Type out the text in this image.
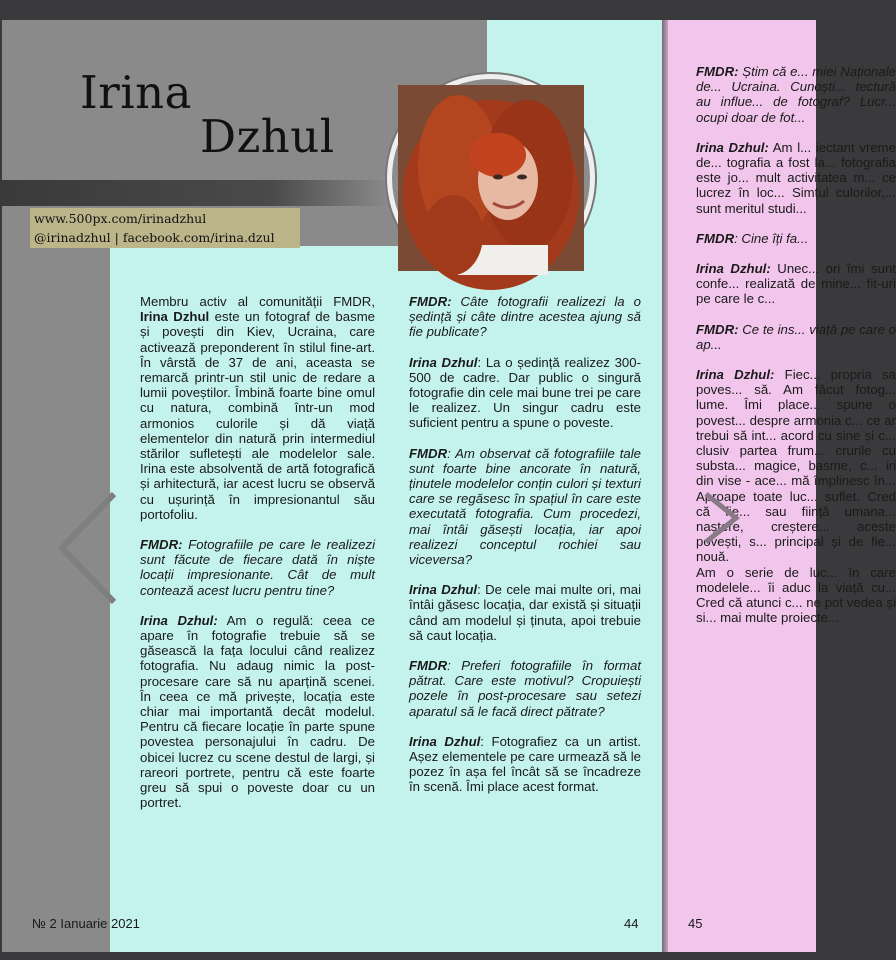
Irina
Dzhul
www.500px.com/irinadzhul
@irinadzhul | facebook.com/irina.dzul

Membru activ al comunității FMDR, Irina Dzhul este un fotograf de basme și povești din Kiev, Ucraina, care activează preponderent în stilul fine-art. În vârstă de 37 de ani, aceasta se remarcă printr-un stil unic de redare a lumii poveștilor. Îmbină foarte bine omul cu natura, combină într-un mod armonios culorile și dă viață elementelor din natură prin intermediul stărilor sufletești ale modelelor sale. Irina este absolventă de artă fotografică și arhitectură, iar acest lucru se observă cu ușurință în impresionantul său portofoliu.

FMDR: Fotografiile pe care le realizezi sunt făcute de fiecare dată în niște locații impresionante. Cât de mult contează acest lucru pentru tine?

Irina Dzhul: Am o regulă: ceea ce apare în fotografie trebuie să se găsească la fața locului când realizez fotografia. Nu adaug nimic la post-procesare care să nu aparțină scenei. În ceea ce mă privește, locația este chiar mai importantă decât modelul. Pentru că fiecare locație în parte spune povestea personajului în cadru. De obicei lucrez cu scene destul de largi, și rareori portrete, pentru că este foarte greu să spui o poveste doar cu un portret.

FMDR: Câte fotografii realizezi la o ședință și câte dintre acestea ajung să fie publicate?

Irina Dzhul: La o ședință realizez 300-500 de cadre. Dar public o singură fotografie din cele mai bune trei pe care le realizez. Un singur cadru este suficient pentru a spune o poveste.

FMDR: Am observat că fotografiile tale sunt foarte bine ancorate în natură, ținutele modelelor conțin culori și texturi care se regăsesc în spațiul în care este executată fotografia. Cum procedezi, mai întâi găsești locația, iar apoi realizezi conceptul rochiei sau viceversa?

Irina Dzhul: De cele mai multe ori, mai întâi găsesc locația, dar există și situații când am modelul și ținuta, apoi trebuie să caut locația.

FMDR: Preferi fotografiile în format pătrat. Care este motivul? Cropuiești pozele în post-procesare sau setezi aparatul să le facă direct pătrate?

Irina Dzhul: Fotografiez ca un artist. Așez elementele pe care urmează să le pozez în așa fel încât să se încadreze în scenă. Îmi place acest format.

№ 2 Ianuarie 2021	44

FMDR: Știm că e... miei Naționale de... Ucraina. Cunoști... tectură au influe... de fotograf? Lucr... ocupi doar de fot...

Irina Dzhul: Am l... iectant vreme de... tografia a fost la... fotografia este jo... mult activitatea m... ce lucrez în loc... Simțul culorilor,... sunt meritul studi...

FMDR: Cine îți fa...

Irina Dzhul: Unec... ori îmi sunt confe... realizată de mine... fit-uri pe care le c...

FMDR: Ce te ins... viață pe care o ap...

Irina Dzhul: Fiec... propria sa poves... să. Am făcut fotog... lume. Îmi place... spune o povest... despre armonia c... ce ar trebui să int... acord cu sine și c... clusiv partea frum... crurile cu substa... magice, basme, c... iri din vise - ace... mă împlinesc în... Aproape toate luc... suflet. Cred că fie... sau ființă umana... naștere, creștere... aceste povești, s... principal și de fie... nouă.

Am o serie de luc... în care modelele... îi aduc la viață cu... Cred că atunci c... ne pot vedea și si... mai multe proiecte...

45
